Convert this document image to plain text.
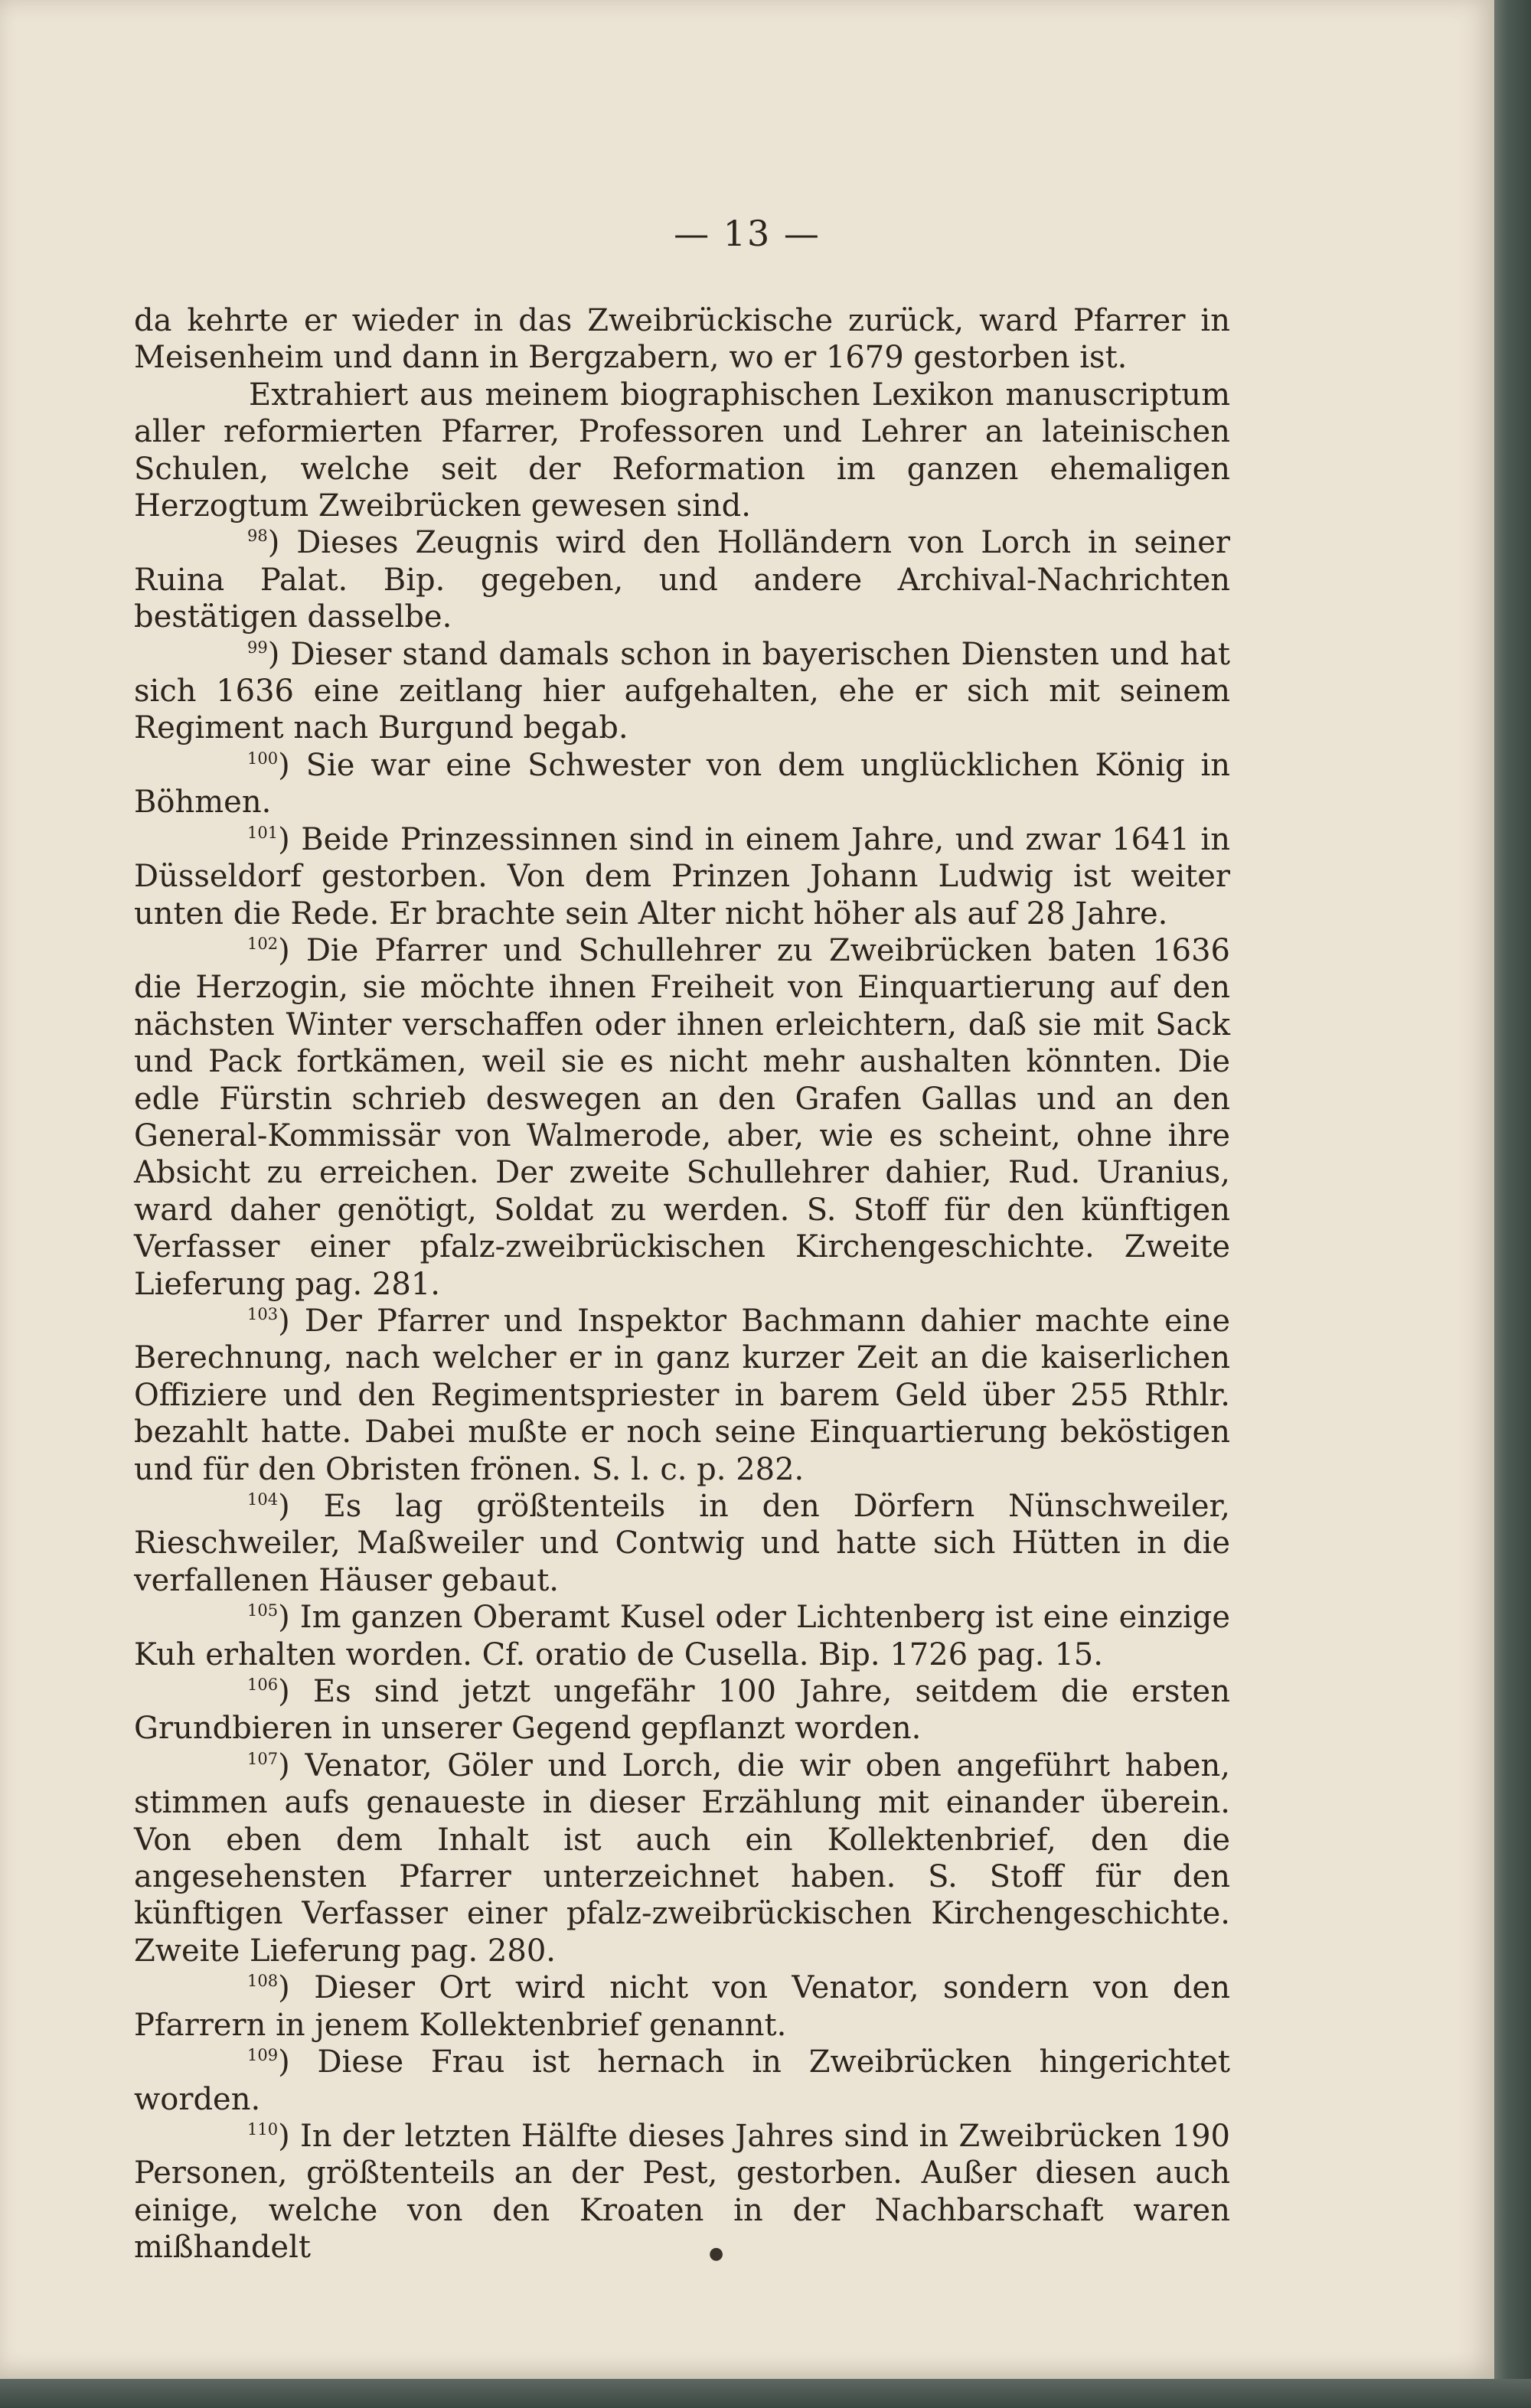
— 13 —

da kehrte er wieder in das Zweibrückische zurück, ward Pfarrer in Meisenheim und dann in Bergzabern, wo er 1679 gestorben ist.

Extrahiert aus meinem biographischen Lexikon manuscriptum aller reformierten Pfarrer, Professoren und Lehrer an lateinischen Schulen, welche seit der Reformation im ganzen ehemaligen Herzogtum Zweibrücken gewesen sind.

$^{98}$) Dieses Zeugnis wird den Holländern von Lorch in seiner Ruina Palat. Bip. gegeben, und andere Archival-Nachrichten bestätigen dasselbe.

$^{99}$) Dieser stand damals schon in bayerischen Diensten und hat sich 1636 eine zeitlang hier aufgehalten, ehe er sich mit seinem Regiment nach Burgund begab.

$^{100}$) Sie war eine Schwester von dem unglücklichen König in Böhmen.

$^{101}$) Beide Prinzessinnen sind in einem Jahre, und zwar 1641 in Düsseldorf gestorben. Von dem Prinzen Johann Ludwig ist weiter unten die Rede. Er brachte sein Alter nicht höher als auf 28 Jahre.

$^{102}$) Die Pfarrer und Schullehrer zu Zweibrücken baten 1636 die Herzogin, sie möchte ihnen Freiheit von Einquartierung auf den nächsten Winter verschaffen oder ihnen erleichtern, daß sie mit Sack und Pack fortkämen, weil sie es nicht mehr aushalten könnten. Die edle Fürstin schrieb deswegen an den Grafen Gallas und an den General-Kommissär von Walmerode, aber, wie es scheint, ohne ihre Absicht zu erreichen. Der zweite Schullehrer dahier, Rud. Uranius, ward daher genötigt, Soldat zu werden. S. Stoff für den künftigen Verfasser einer pfalz-zweibrückischen Kirchengeschichte. Zweite Lieferung pag. 281.

$^{103}$) Der Pfarrer und Inspektor Bachmann dahier machte eine Berechnung, nach welcher er in ganz kurzer Zeit an die kaiserlichen Offiziere und den Regimentspriester in barem Geld über 255 Rthlr. bezahlt hatte. Dabei mußte er noch seine Einquartierung beköstigen und für den Obristen frönen. S. l. c. p. 282.

$^{104}$) Es lag größtenteils in den Dörfern Nünschweiler, Rieschweiler, Maßweiler und Contwig und hatte sich Hütten in die verfallenen Häuser gebaut.

$^{105}$) Im ganzen Oberamt Kusel oder Lichtenberg ist eine einzige Kuh erhalten worden. Cf. oratio de Cusella. Bip. 1726 pag. 15.

$^{106}$) Es sind jetzt ungefähr 100 Jahre, seitdem die ersten Grundbieren in unserer Gegend gepflanzt worden.

$^{107}$) Venator, Göler und Lorch, die wir oben angeführt haben, stimmen aufs genaueste in dieser Erzählung mit einander überein. Von eben dem Inhalt ist auch ein Kollektenbrief, den die angesehensten Pfarrer unterzeichnet haben. S. Stoff für den künftigen Verfasser einer pfalz-zweibrückischen Kirchengeschichte. Zweite Lieferung pag. 280.

$^{108}$) Dieser Ort wird nicht von Venator, sondern von den Pfarrern in jenem Kollektenbrief genannt.

$^{109}$) Diese Frau ist hernach in Zweibrücken hingerichtet worden.

$^{110}$) In der letzten Hälfte dieses Jahres sind in Zweibrücken 190 Personen, größtenteils an der Pest, gestorben. Außer diesen auch einige, welche von den Kroaten in der Nachbarschaft waren mißhandelt	●
